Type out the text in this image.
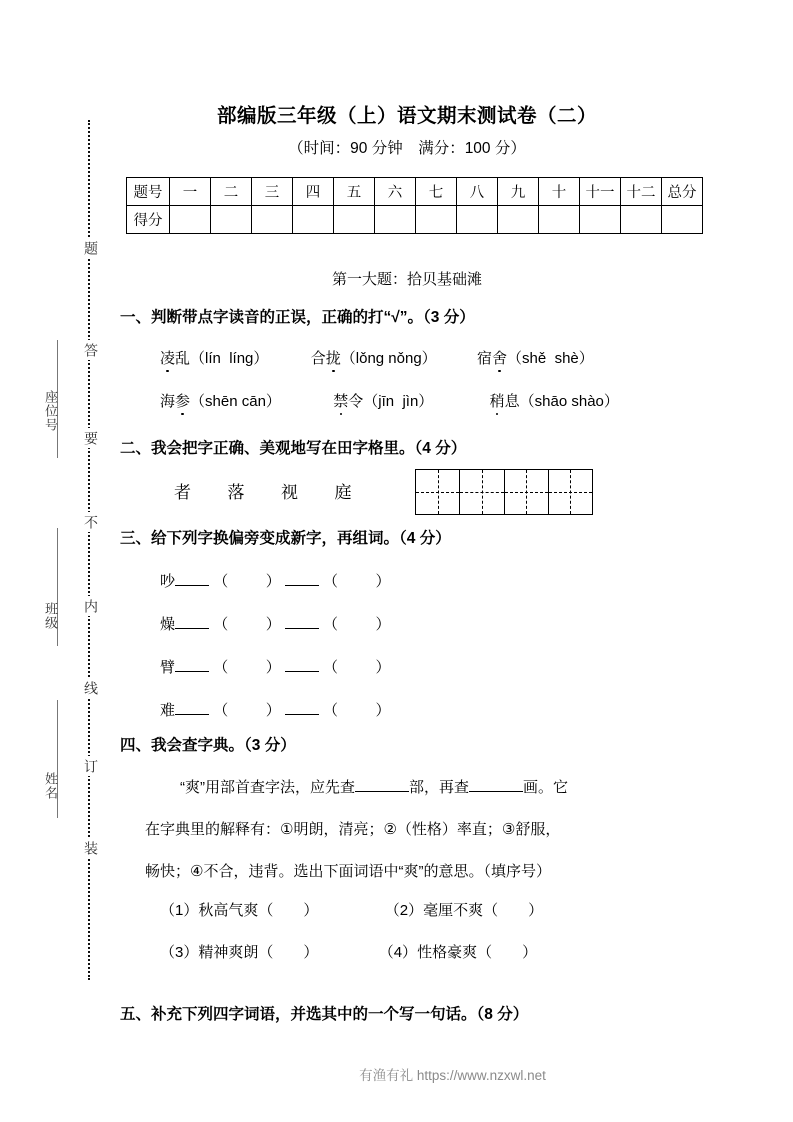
题
答
要
不
内
线
订
装
座位号
班级
姓名
部编版三年级（上）语文期末测试卷（二）
（时间：90 分钟　满分：100 分）
题号	一	二	三	四	五	六	七	八	九	十	十一	十二	总分
得分													
第一大题：拾贝基础滩
一、判断带点字读音的正误，正确的打“√”。（3 分）
凌乱（lín  líng）	合拢（lǒng nǒng）	宿舍（shě  shè）
海参（shēn cān）	禁令（jīn  jìn）	稍息（shāo shào）
二、我会把字正确、美观地写在田字格里。（4 分）
者 落 视 庭
三、给下列字换偏旁变成新字，再组词。（4 分）
吵	（         ）	（         ）
燥	（         ）	（         ）
臂	（         ）	（         ）
难	（         ）	（         ）
四、我会查字典。（3 分）
“爽”用部首查字法，应先查	部，再查	画。它
在字典里的解释有：①明朗，清亮；②（性格）率直；③舒服，
畅快；④不合，违背。选出下面词语中“爽”的意思。（填序号）
（1）秋高气爽（　　）	（2）毫厘不爽（　　）
（3）精神爽朗（　　）	（4）性格豪爽（　　）
五、补充下列四字词语，并选其中的一个写一句话。（8 分）
有渔有礼 https://www.nzxwl.net
